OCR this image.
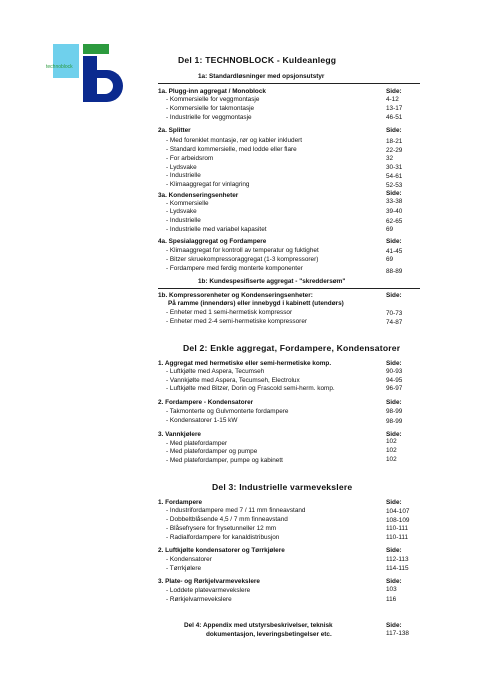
technoblock
Del 1: TECHNOBLOCK - Kuldeanlegg
1a: Standardløsninger med opsjonsutstyr
1a. Plugg-inn aggregat / Monoblock	Side:
- Kommersielle for veggmontasje	4-12
- Kommersielle for takmontasje	13-17
- Industrielle for veggmontasje	46-51
2a. Splitter	Side:
- Med forenklet montasje, rør og kabler inkludert	18-21
- Standard kommersielle, med lodde eller flare	22-29
- For arbeidsrom	32
- Lydsvake	30-31
- Industrielle	54-61
- Klimaaggregat for vinlagring	52-53
3a. Kondenseringsenheter	Side:
- Kommersielle	33-38
- Lydsvake	39-40
- Industrielle	62-65
- Industrielle med variabel kapasitet	69
4a. Spesialaggregat og Fordampere	Side:
- Klimaaggregat for kontroll av temperatur og fuktighet	41-45
- Bitzer skruekompressoraggregat (1-3 kompressorer)	69
- Fordampere med ferdig monterte komponenter	88-89
1b: Kundespesifiserte aggregat - "skreddersøm"
1b. Kompressorenheter og Kondenseringsenheter:	Side:
På ramme (innendørs) eller innebygd i kabinett (utendørs)
- Enheter med 1 semi-hermetisk kompressor	70-73
- Enheter med 2-4 semi-hermetiske kompressorer	74-87
Del 2: Enkle aggregat, Fordampere, Kondensatorer
1. Aggregat med hermetiske eller semi-hermetiske komp.	Side:
- Luftkjølte med Aspera, Tecumseh	90-93
- Vannkjølte med Aspera, Tecumseh, Electrolux	94-95
- Luftkjølte med Bitzer, Dorin og Frascold semi-herm. komp.	96-97
2. Fordampere - Kondensatorer	Side:
- Takmonterte og Gulvmonterte fordampere	98-99
- Kondensatorer 1-15 kW	98-99
3. Vannkjølere	Side:
- Med platefordamper	102
- Med platefordamper og pumpe	102
- Med platefordamper, pumpe og kabinett	102
Del 3: Industrielle varmevekslere
1. Fordampere	Side:
- Industrifordampere med 7 / 11 mm finneavstand	104-107
- Dobbeltblåsende 4,5 / 7 mm finneavstand	108-109
- Blåsefrysere for frysetunneller 12 mm	110-111
- Radialfordampere for kanaldistribusjon	110-111
2. Luftkjølte kondensatorer og Tørrkjølere	Side:
- Kondensatorer	112-113
- Tørrkjølere	114-115
3. Plate- og Rørkjelvarmevekslere	Side:
- Loddete platevarmevekslere	103
- Rørkjelvarmevekslere	116
Del 4: Appendix med utstyrsbeskrivelser, teknisk	Side:
dokumentasjon, leveringsbetingelser etc.	117-138
